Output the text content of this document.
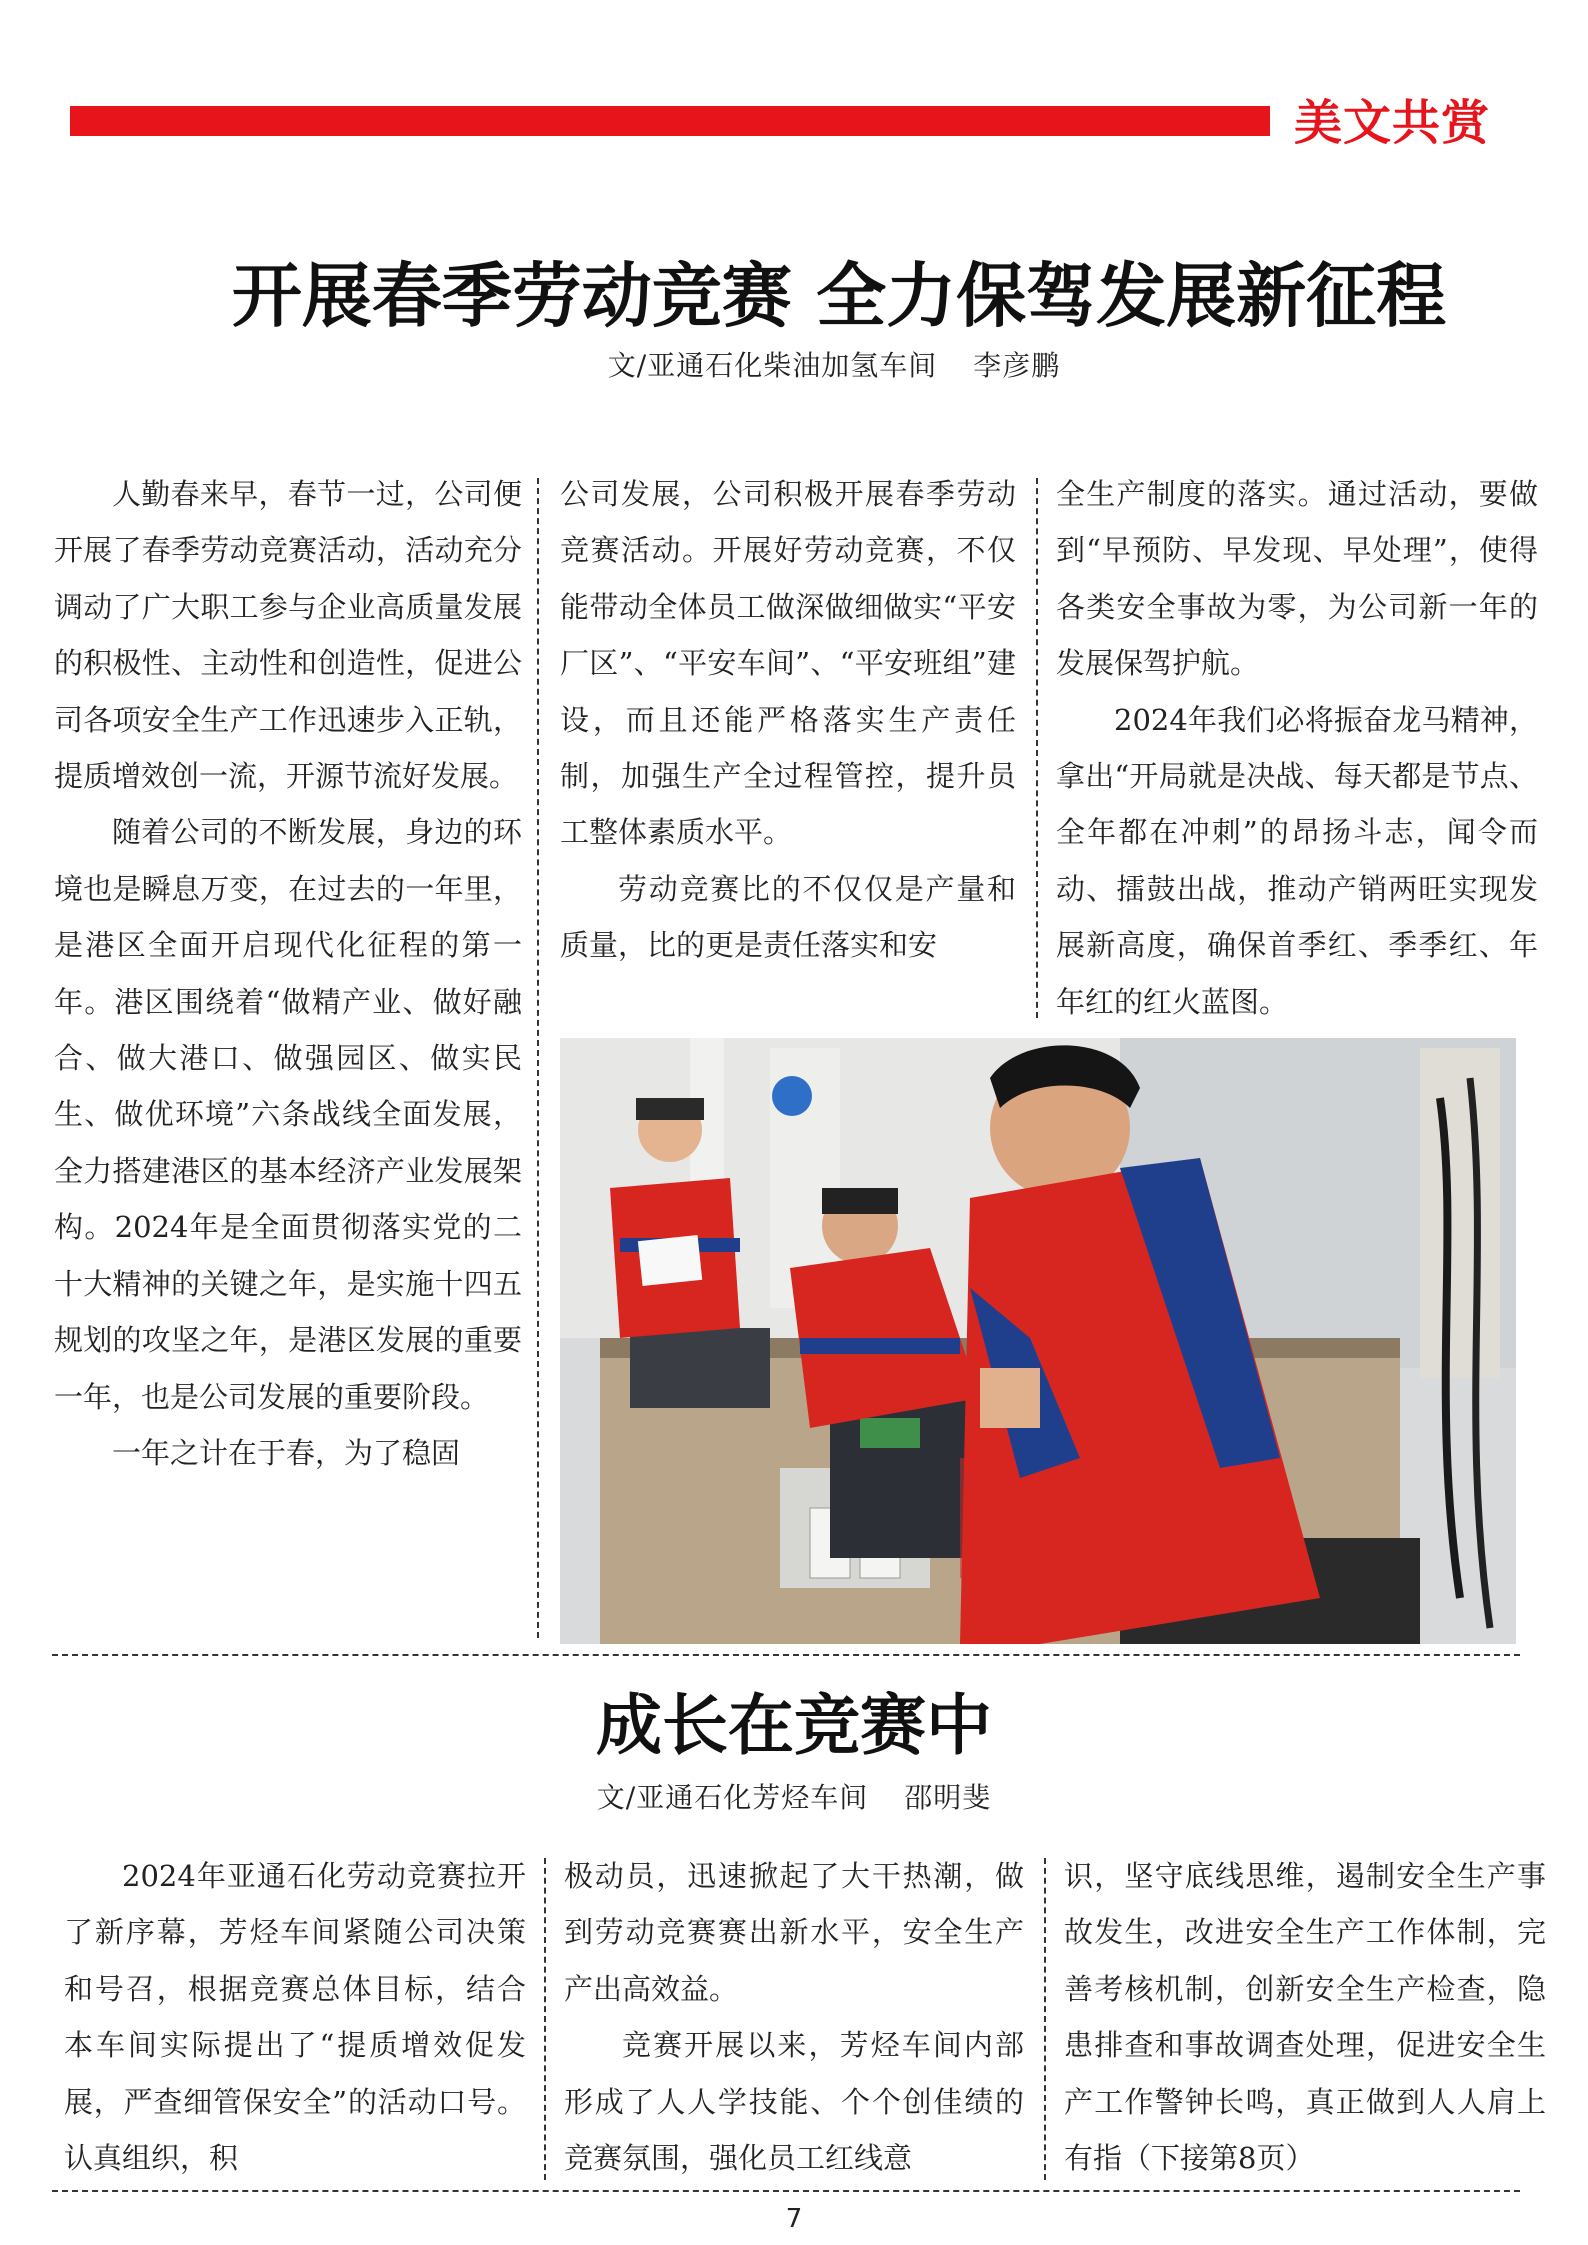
美文共赏
开展春季劳动竞赛 全力保驾发展新征程
文/亚通石化柴油加氢车间 李彦鹏

人勤春来早，春节一过，公司便开展了春季劳动竞赛活动，活动充分调动了广大职工参与企业高质量发展的积极性、主动性和创造性，促进公司各项安全生产工作迅速步入正轨，提质增效创一流，开源节流好发展。

随着公司的不断发展，身边的环境也是瞬息万变，在过去的一年里，是港区全面开启现代化征程的第一年。港区围绕着“做精产业、做好融合、做大港口、做强园区、做实民生、做优环境”六条战线全面发展，全力搭建港区的基本经济产业发展架构。2024年是全面贯彻落实党的二十大精神的关键之年，是实施十四五规划的攻坚之年，是港区发展的重要一年，也是公司发展的重要阶段。

一年之计在于春，为了稳固

公司发展，公司积极开展春季劳动竞赛活动。开展好劳动竞赛，不仅能带动全体员工做深做细做实“平安厂区”、“平安车间”、“平安班组”建设，而且还能严格落实生产责任制，加强生产全过程管控，提升员工整体素质水平。

劳动竞赛比的不仅仅是产量和质量，比的更是责任落实和安

全生产制度的落实。通过活动，要做到“早预防、早发现、早处理”，使得各类安全事故为零，为公司新一年的发展保驾护航。

2024年我们必将振奋龙马精神，拿出“开局就是决战、每天都是节点、全年都在冲刺”的昂扬斗志，闻令而动、擂鼓出战，推动产销两旺实现发展新高度，确保首季红、季季红、年年红的红火蓝图。

成长在竞赛中
文/亚通石化芳烃车间 邵明斐

2024年亚通石化劳动竞赛拉开了新序幕，芳烃车间紧随公司决策和号召，根据竞赛总体目标，结合本车间实际提出了“提质增效促发展，严查细管保安全”的活动口号。认真组织，积

极动员，迅速掀起了大干热潮，做到劳动竞赛赛出新水平，安全生产产出高效益。

竞赛开展以来，芳烃车间内部形成了人人学技能、个个创佳绩的竞赛氛围，强化员工红线意

识，坚守底线思维，遏制安全生产事故发生，改进安全生产工作体制，完善考核机制，创新安全生产检查，隐患排查和事故调查处理，促进安全生产工作警钟长鸣，真正做到人人肩上有指（下接第8页）

7
